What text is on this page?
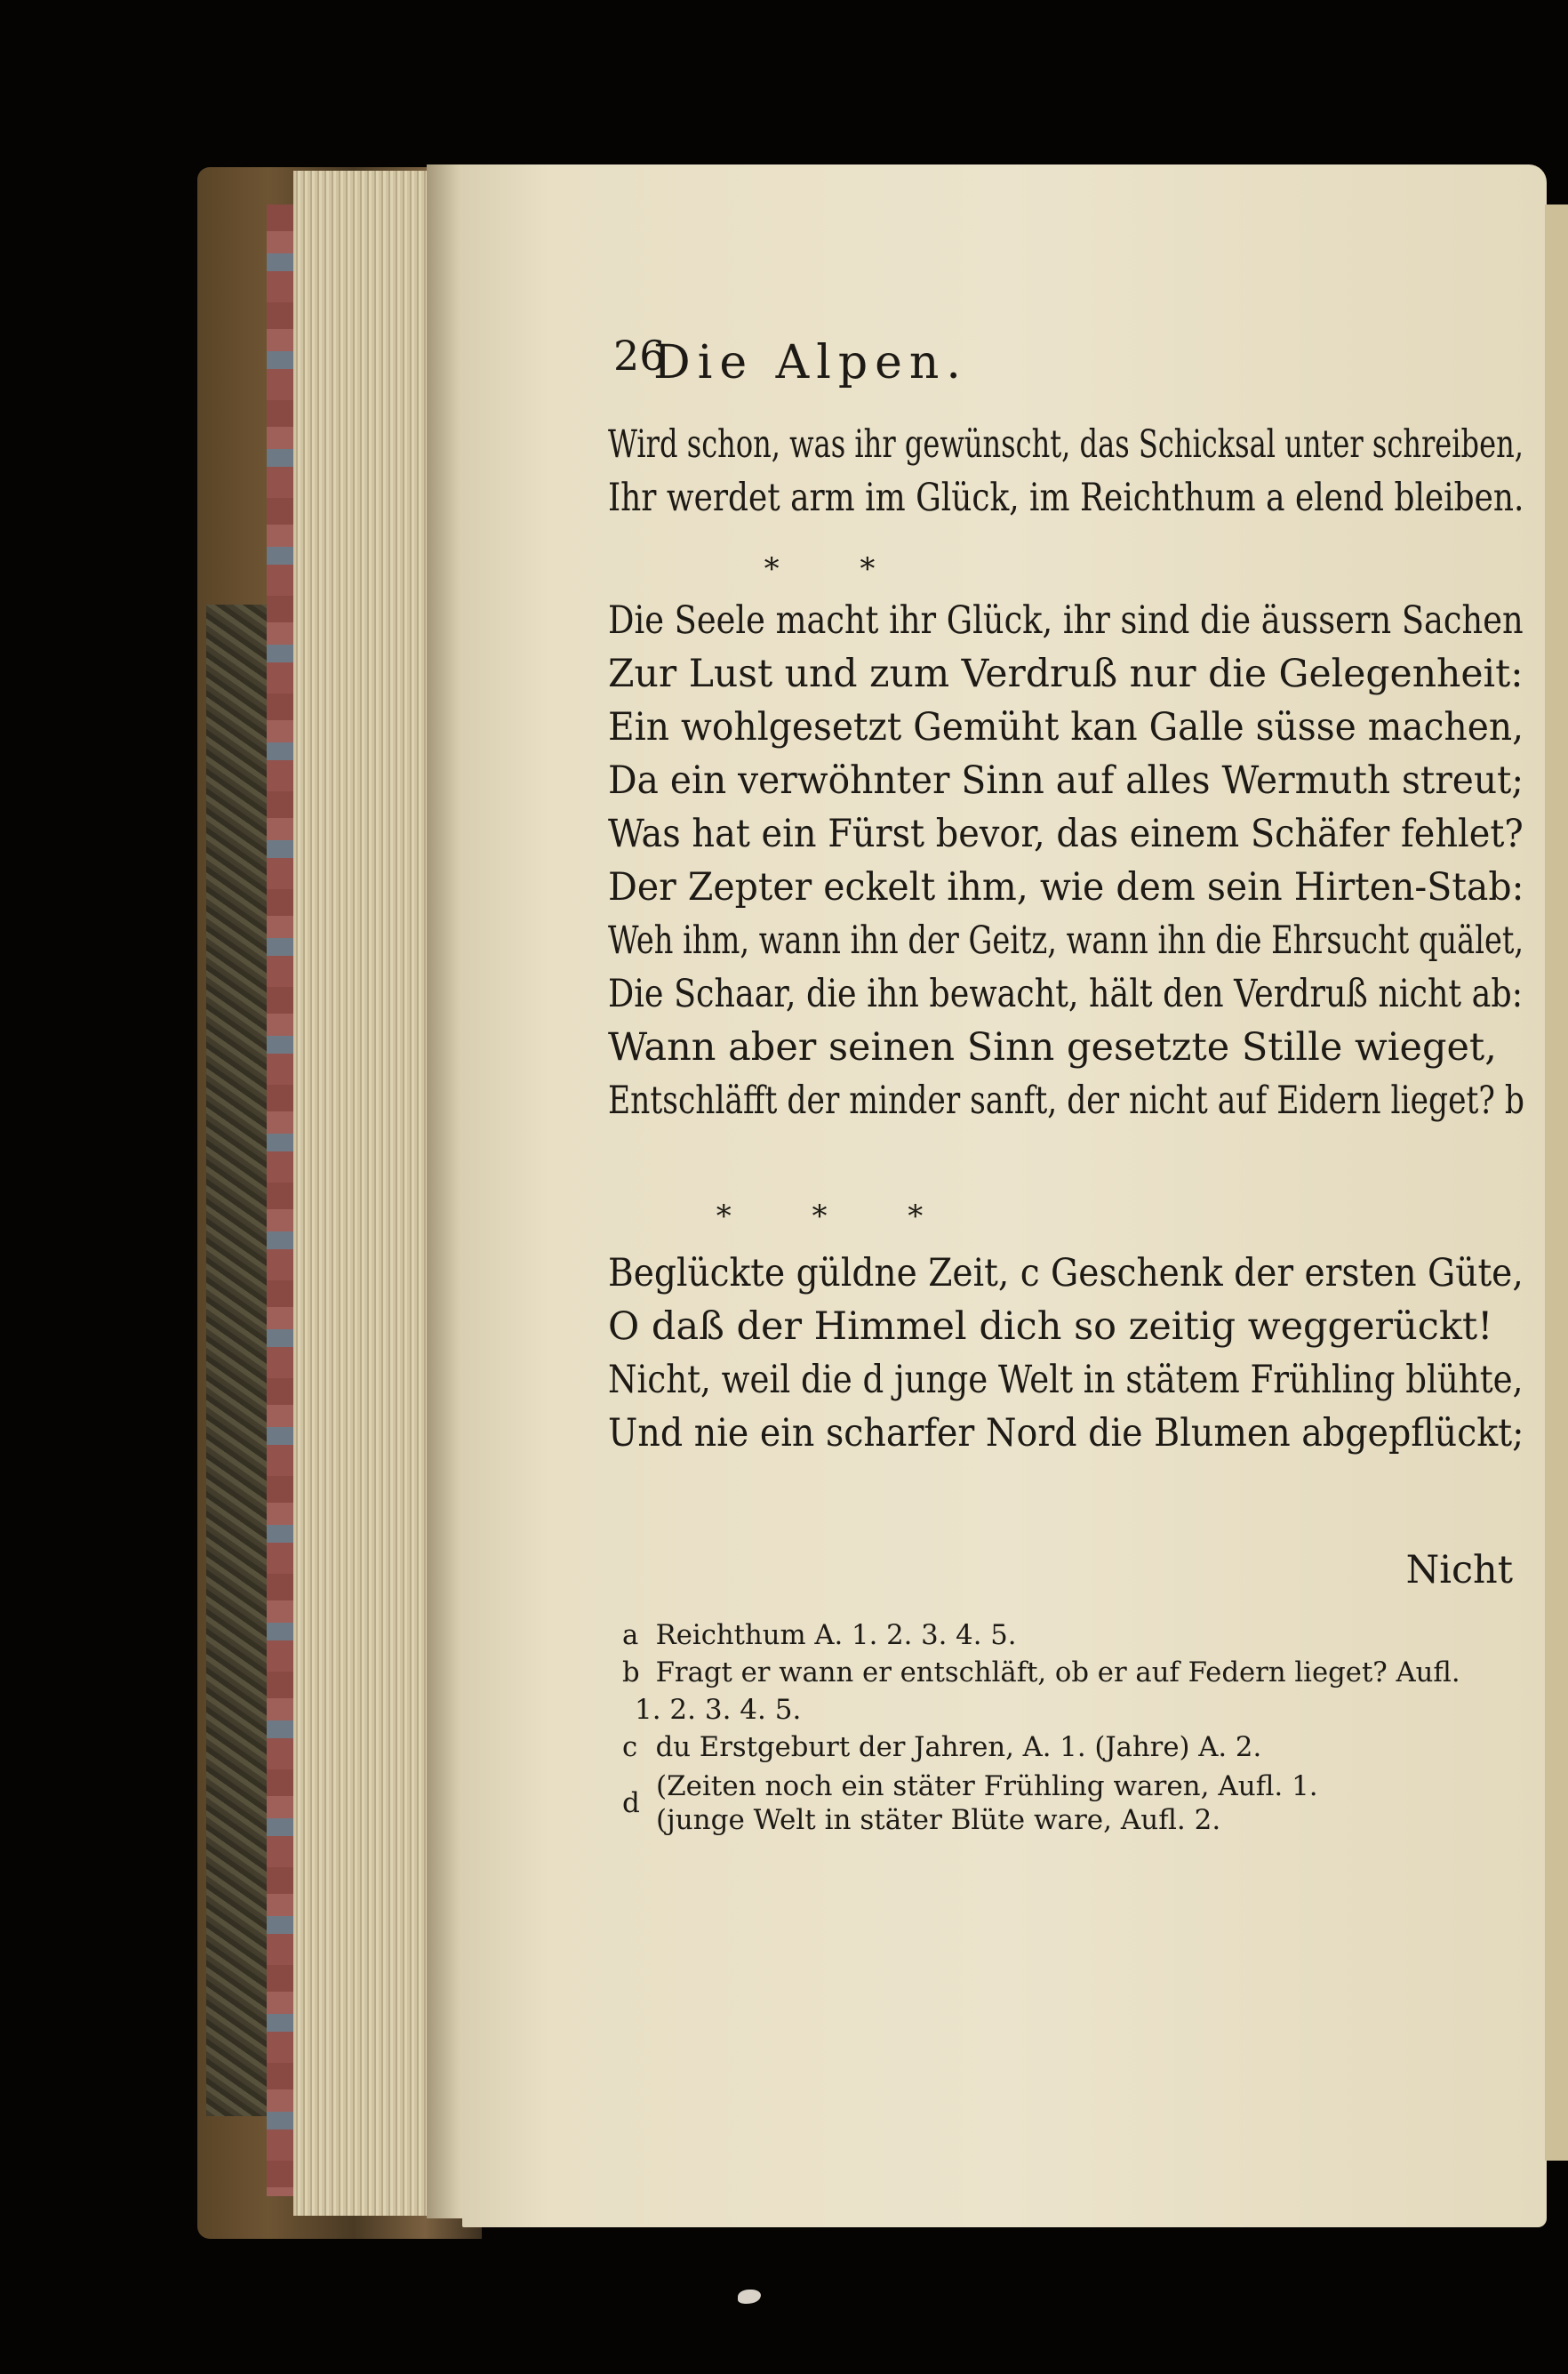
26
Die Alpen.
Wird schon, was ihr gewünscht, das Schicksal unter schreiben,
Ihr werdet arm im Glück, im Reichthum a elend bleiben.
* *
Die Seele macht ihr Glück, ihr sind die äussern Sachen
Zur Lust und zum Verdruß nur die Gelegenheit:
Ein wohlgesetzt Gemüht kan Galle süsse machen,
Da ein verwöhnter Sinn auf alles Wermuth streut;
Was hat ein Fürst bevor, das einem Schäfer fehlet?
Der Zepter eckelt ihm, wie dem sein Hirten-Stab:
Weh ihm, wann ihn der Geitz, wann ihn die Ehrsucht quälet,
Die Schaar, die ihn bewacht, hält den Verdruß nicht ab:
Wann aber seinen Sinn gesetzte Stille wieget,
Entschläfft der minder sanft, der nicht auf Eidern lieget? b
* * *
Beglückte güldne Zeit, c Geschenk der ersten Güte,
O daß der Himmel dich so zeitig weggerückt!
Nicht, weil die d junge Welt in stätem Frühling blühte,
Und nie ein scharfer Nord die Blumen abgepflückt;
Nicht
a Reichthum A. 1. 2. 3. 4. 5.
b Fragt er wann er entschläft, ob er auf Federn lieget? Aufl.
1. 2. 3. 4. 5.
c du Erstgeburt der Jahren, A. 1. (Jahre) A. 2.
d
(Zeiten noch ein stäter Frühling waren, Aufl. 1.
(junge Welt in stäter Blüte ware, Aufl. 2.
